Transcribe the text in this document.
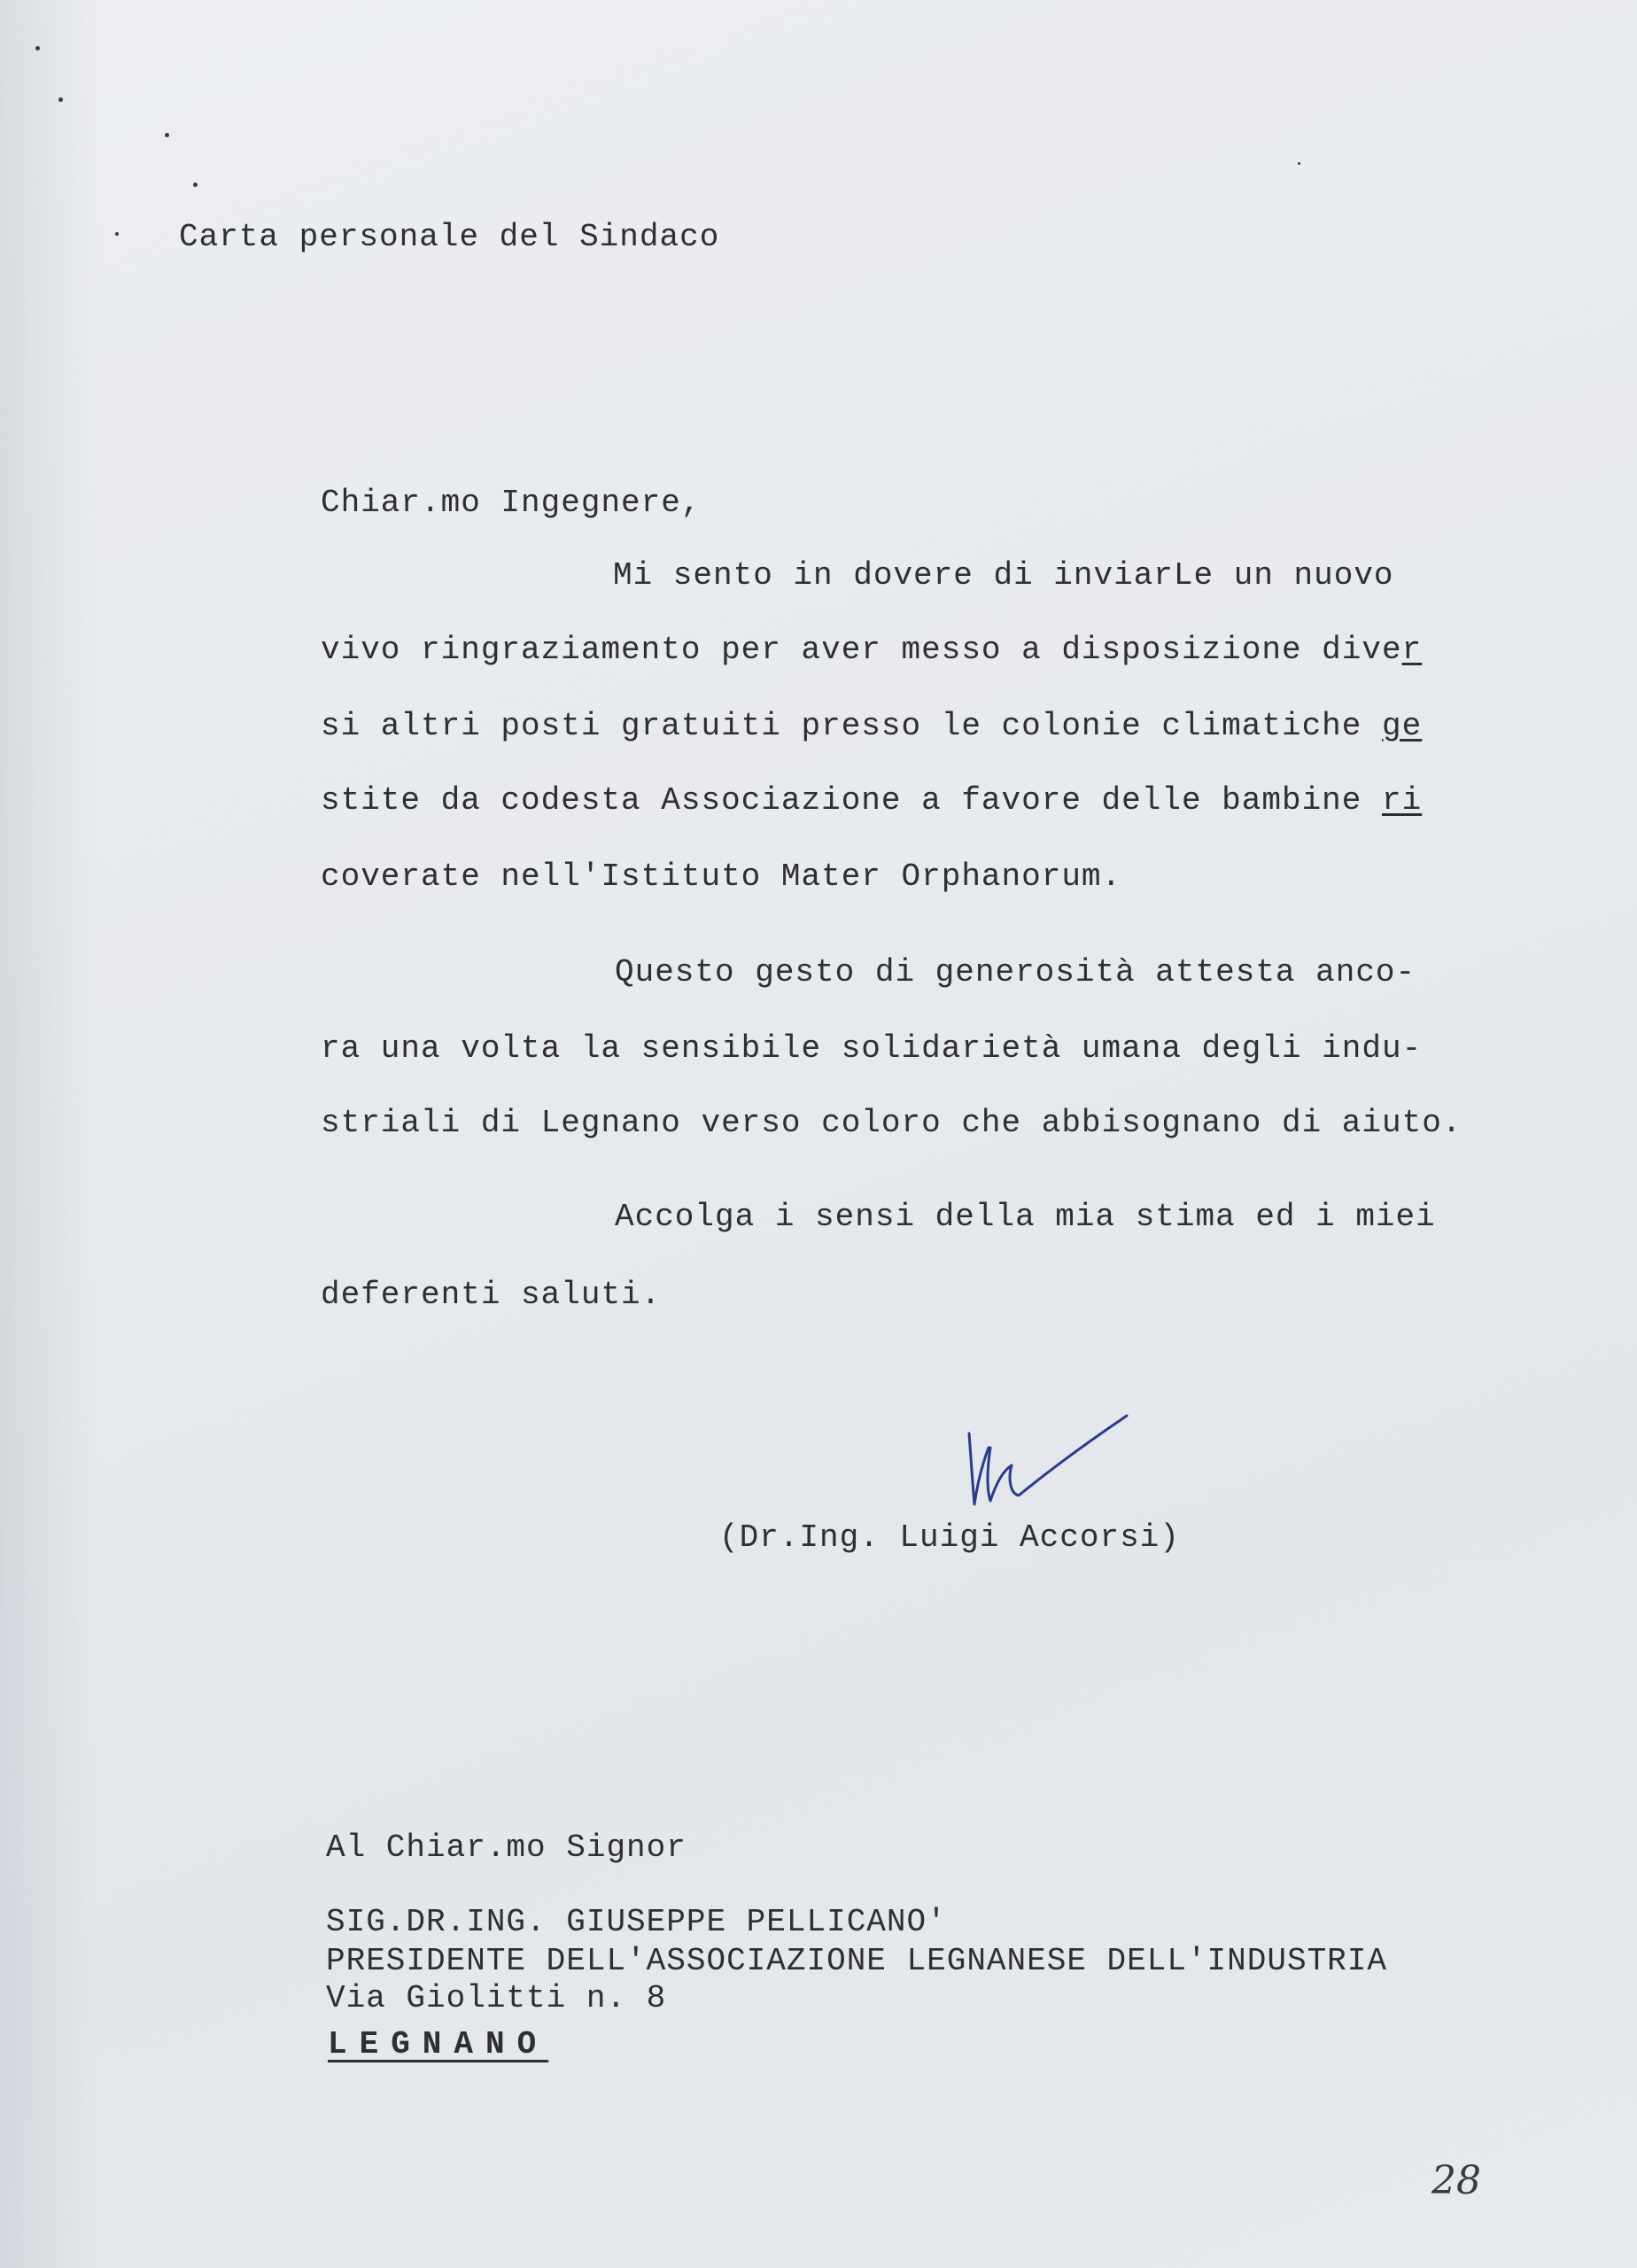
Carta personale del Sindaco
Chiar.mo Ingegnere,
Mi sento in dovere di inviarLe un nuovo
vivo ringraziamento per aver messo a disposizione diver
si altri posti gratuiti presso le colonie climatiche ge
stite da codesta Associazione a favore delle bambine ri
coverate nell'Istituto Mater Orphanorum.
Questo gesto di generosità attesta anco-
ra una volta la sensibile solidarietà umana degli indu-
striali di Legnano verso coloro che abbisognano di aiuto.
Accolga i sensi della mia stima ed i miei
deferenti saluti.
(Dr.Ing. Luigi Accorsi)
Al Chiar.mo Signor
SIG.DR.ING. GIUSEPPE PELLICANO'
PRESIDENTE DELL'ASSOCIAZIONE LEGNANESE DELL'INDUSTRIA
Via Giolitti n. 8
LEGNANO
28
